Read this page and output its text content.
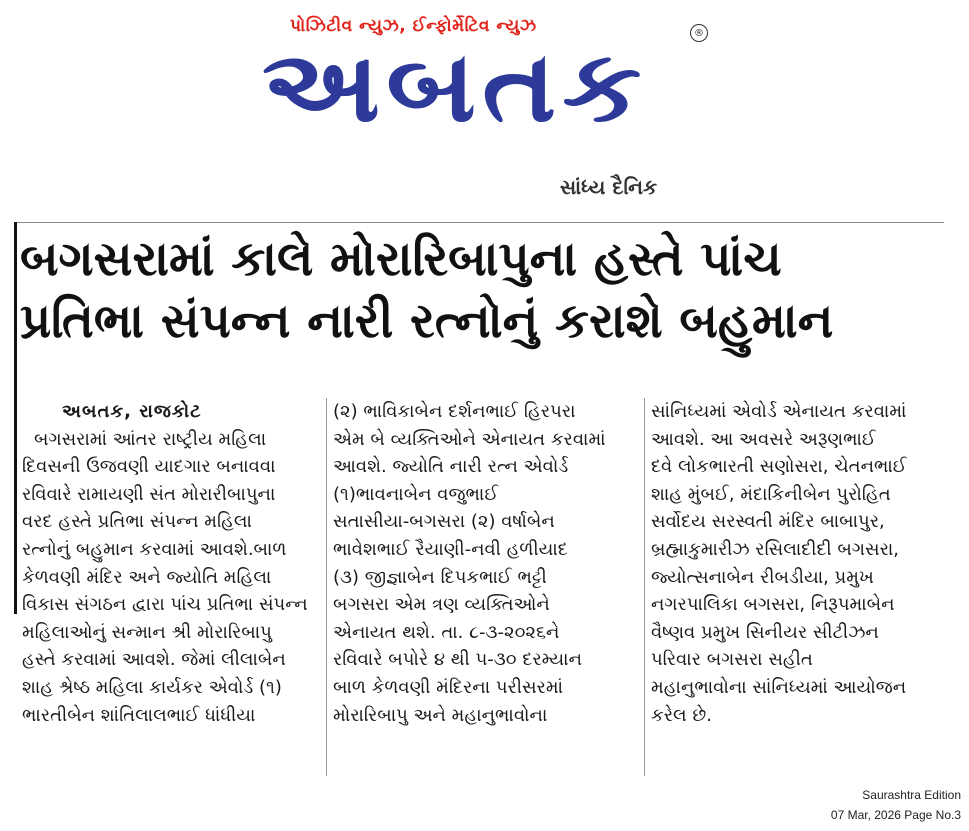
પોઝિટીવ ન્યુઝ, ઈન્ફોર્મેટિવ ન્યુઝ
અબતક	®
સાંધ્ય દૈનિક
બગસરામાં કાલે મોરારિબાપુના હસ્તે પાંચ
પ્રતિભા સંપન્ન નારી રત્નોનું કરાશે બહુમાન

અબતક, રાજકોટ

બગસરામાં આંતર રાષ્ટ્રીય મહિલા

દિવસની ઉજવણી યાદગાર બનાવવા

રવિવારે રામાયણી સંત મોરારીબાપુના

વરદ હસ્તે પ્રતિભા સંપન્ન મહિલા

રત્નોનું બહુમાન કરવામાં આવશે.બાળ

કેળવણી મંદિર અને જ્યોતિ મહિલા

વિકાસ સંગઠન દ્વારા પાંચ પ્રતિભા સંપન્ન

મહિલાઓનું સન્માન શ્રી મોરારિબાપુ

હસ્તે કરવામાં આવશે. જેમાં લીલાબેન

શાહ શ્રેષ્ઠ મહિલા કાર્યકર એવોર્ડ (૧)

ભારતીબેન શાંતિલાલભાઈ ધાંધીયા

(૨) ભાવિકાબેન દર્શનભાઈ હિરપરા

એમ બે વ્યક્તિઓને એનાયત કરવામાં

આવશે. જ્યોતિ નારી રત્ન એવોર્ડ

(૧)ભાવનાબેન વજુભાઈ

સતાસીયા-બગસરા (૨) વર્ષાબેન

ભાવેશભાઈ રૈયાણી-નવી હળીયાદ

(૩) જીજ્ઞાબેન દિપકભાઈ ભટ્ટી

બગસરા એમ ત્રણ વ્યક્તિઓને

એનાયત થશે. તા. ૮-૩-૨૦૨૬ને

રવિવારે બપોરે ૪ થી ૫-૩૦ દરમ્યાન

બાળ કેળવણી મંદિરના પરીસરમાં

મોરારિબાપુ અને મહાનુભાવોના

સાંનિધ્યમાં એવોર્ડ એનાયત કરવામાં

આવશે. આ અવસરે અરૂણભાઈ

દવે લોકભારતી સણોસરા, ચેતનભાઈ

શાહ મુંબઈ, મંદાકિનીબેન પુરોહિત

સર્વોદય સરસ્વતી મંદિર બાબાપુર,

બ્રહ્માકુમારીઝ રસિલાદીદી બગસરા,

જ્યોત્સનાબેન રીબડીયા, પ્રમુખ

નગરપાલિકા બગસરા, નિરૂપમાબેન

વૈષ્ણવ પ્રમુખ સિનીયર સીટીઝન

પરિવાર બગસરા સહીત

મહાનુભાવોના સાંનિધ્યમાં આયોજન

કરેલ છે.

Saurashtra Edition
07 Mar, 2026 Page No.3
